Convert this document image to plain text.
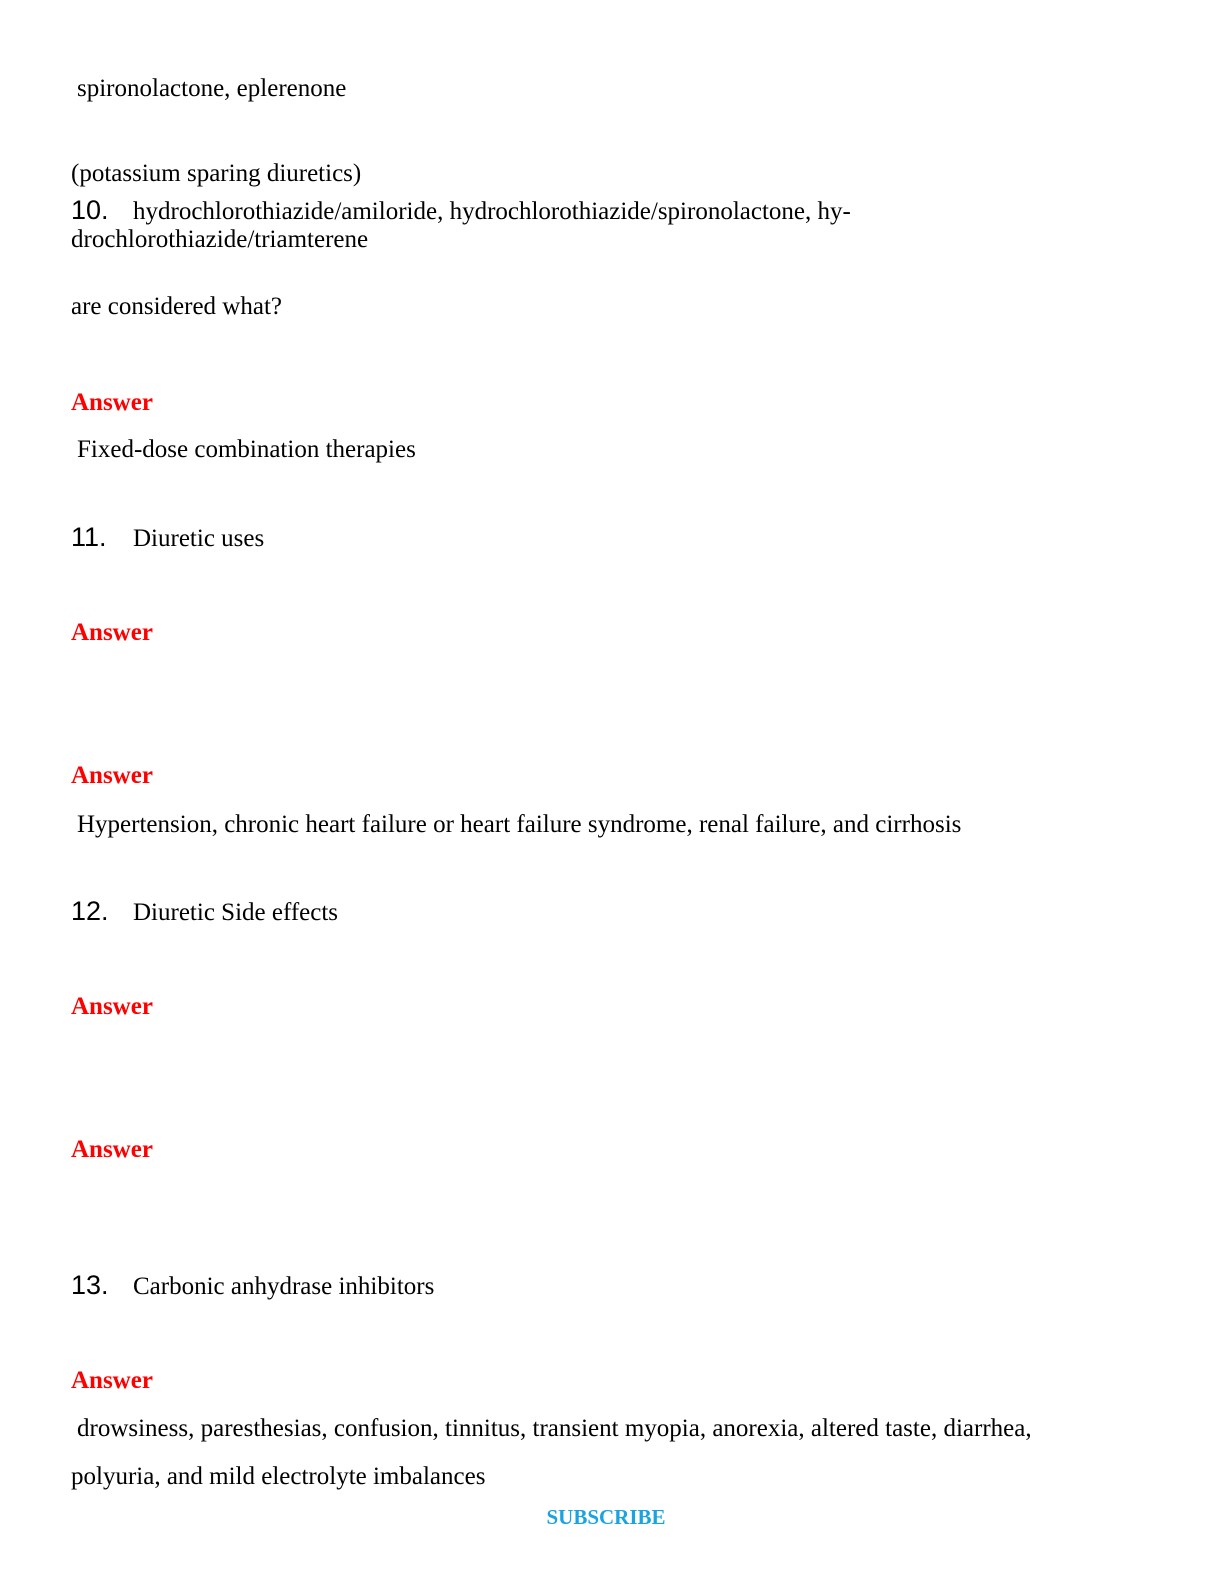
spironolactone, eplerenone
(potassium sparing diuretics)
10. hydrochlorothiazide/amiloride, hydrochlorothiazide/spironolactone, hy-
drochlorothiazide/triamterene
are considered what?
Answer
Fixed-dose combination therapies
11. Diuretic uses
Answer
Answer
Hypertension, chronic heart failure or heart failure syndrome, renal failure, and cirrhosis
12. Diuretic Side effects
Answer
Answer
13. Carbonic anhydrase inhibitors
Answer
drowsiness, paresthesias, confusion, tinnitus, transient myopia, anorexia, altered taste, diarrhea,
polyuria, and mild electrolyte imbalances
SUBSCRIBE
